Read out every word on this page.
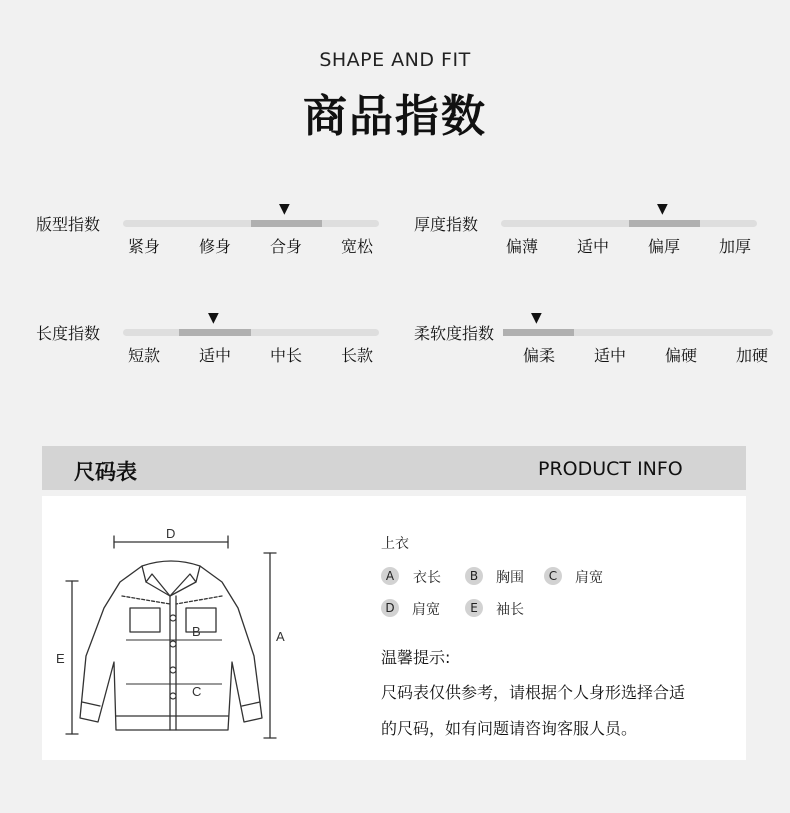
SHAPE AND FIT
商品指数
版型指数
▼
紧身 修身 合身 宽松
厚度指数
▼
偏薄 适中 偏厚 加厚
长度指数
▼
短款 适中 中长 长款
柔软度指数
▼
偏柔 适中 偏硬 加硬
尺码表	PRODUCT INFO
D
B
C
A
E
上衣
A	衣长	B	胸围	C	肩宽
D	肩宽	E	袖长
温馨提示:
尺码表仅供参考，请根据个人身形选择合适
的尺码，如有问题请咨询客服人员。
